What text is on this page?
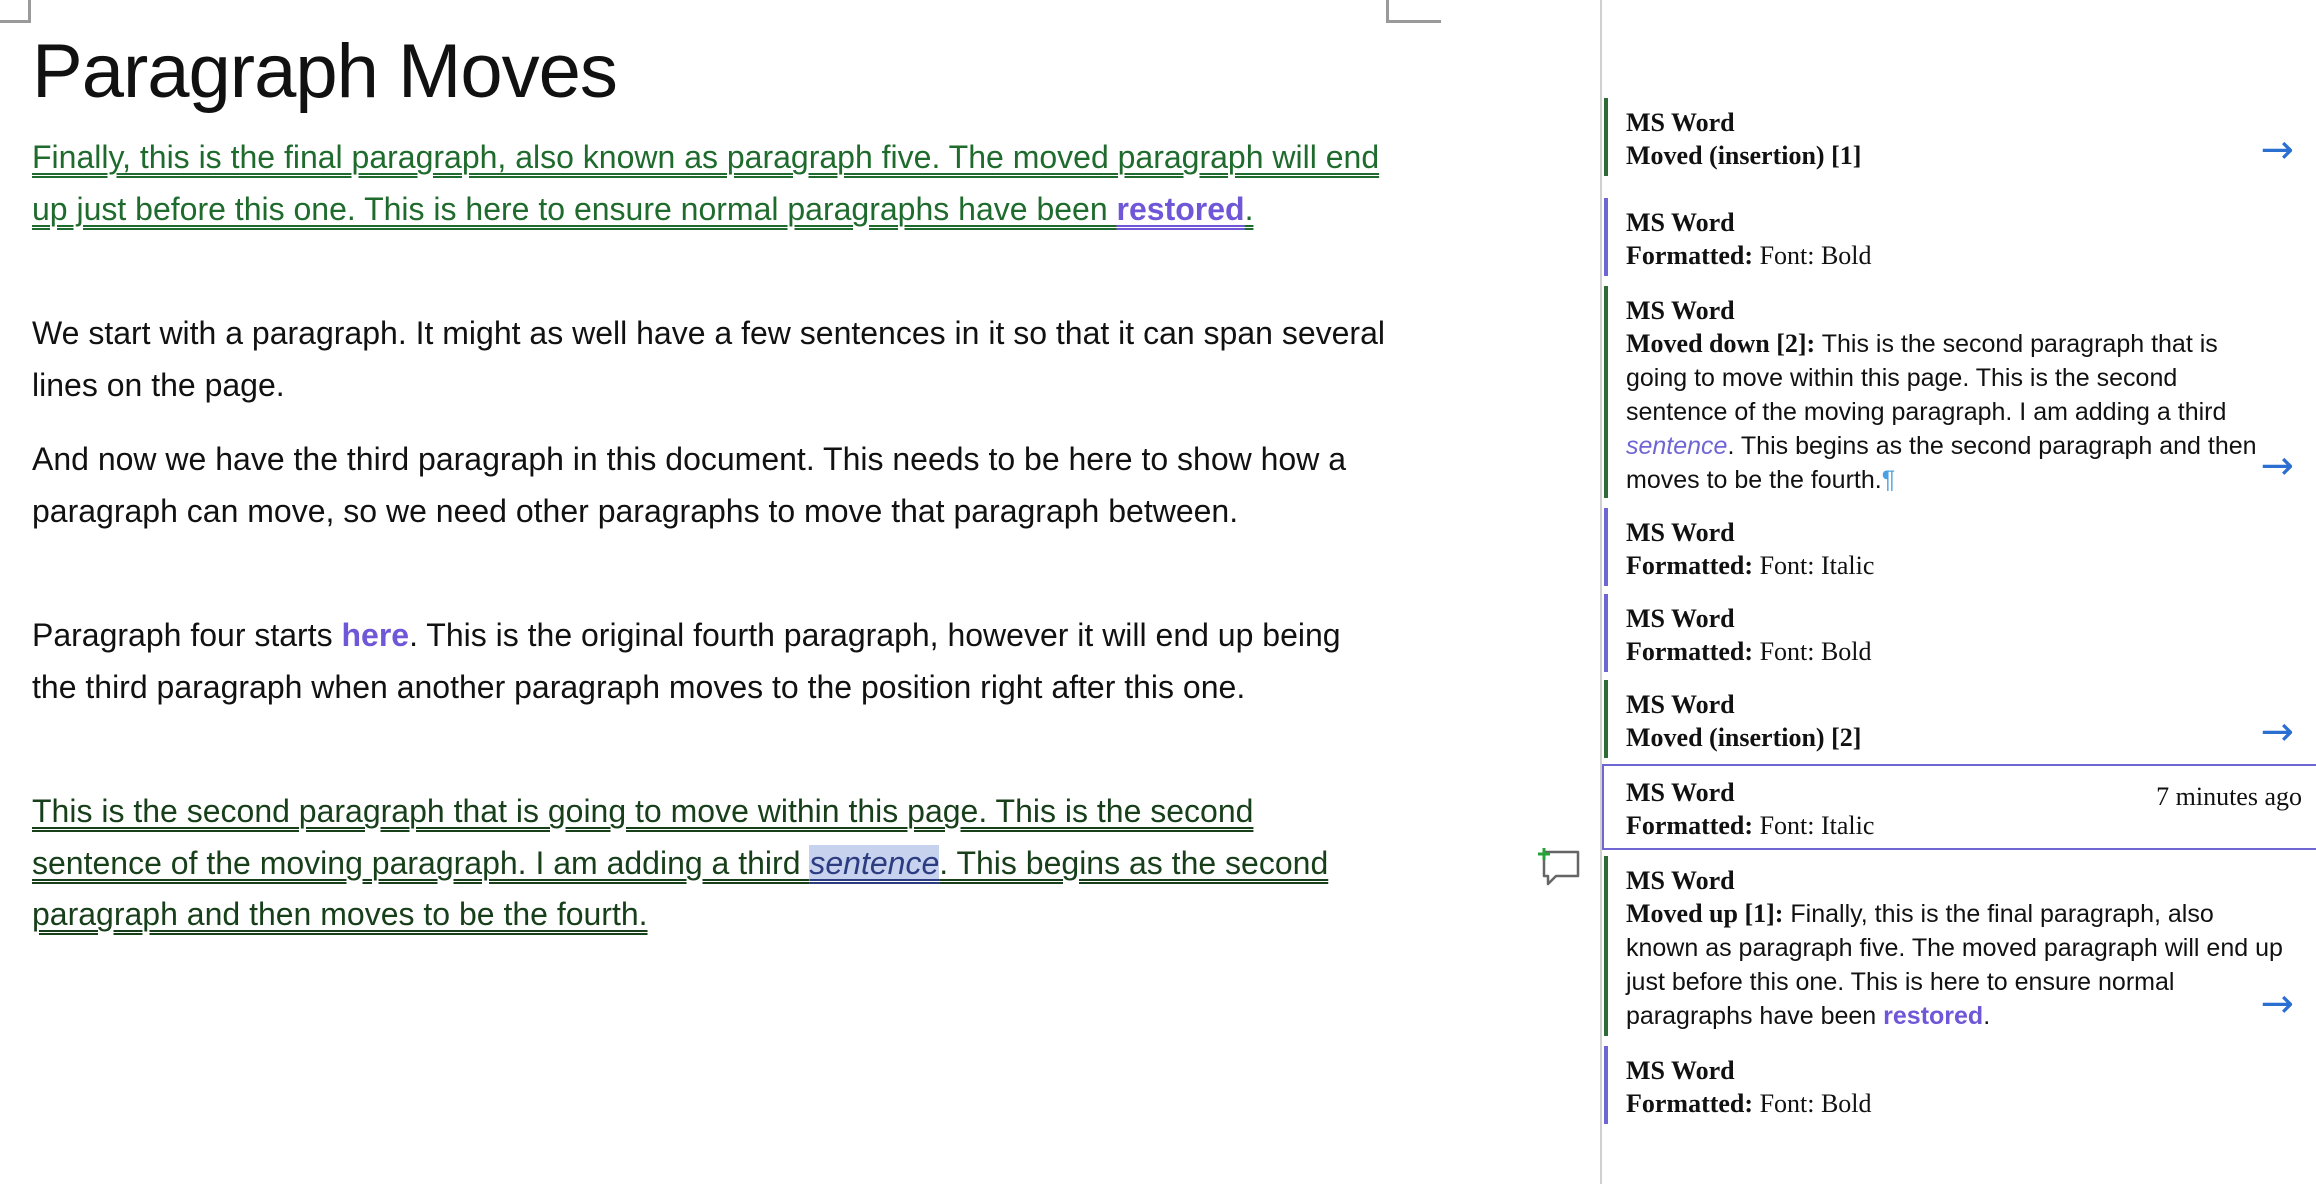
Paragraph Moves

Finally, this is the final paragraph, also known as paragraph five. The moved paragraph will end up just before this one. This is here to ensure normal paragraphs have been restored.

We start with a paragraph. It might as well have a few sentences in it so that it can span several lines on the page.

And now we have the third paragraph in this document. This needs to be here to show how a paragraph can move, so we need other paragraphs to move that paragraph between.

Paragraph four starts here. This is the original fourth paragraph, however it will end up being the third paragraph when another paragraph moves to the position right after this one.

This is the second paragraph that is going to move within this page. This is the second sentence of the moving paragraph. I am adding a third sentence. This begins as the second paragraph and then moves to be the fourth.

MS Word
Moved (insertion) [1]	→
MS Word
Formatted: Font: Bold
MS Word
Moved down [2]: This is the second paragraph that is going to move within this page. This is the second sentence of the moving paragraph. I am adding a third sentence. This begins as the second paragraph and then moves to be the fourth.¶	→
MS Word
Formatted: Font: Italic
MS Word
Formatted: Font: Bold
MS Word
Moved (insertion) [2]	→
MS Word	7 minutes ago
Formatted: Font: Italic
MS Word
Moved up [1]: Finally, this is the final paragraph, also known as paragraph five. The moved paragraph will end up just before this one. This is here to ensure normal paragraphs have been restored.	→
MS Word
Formatted: Font: Bold
